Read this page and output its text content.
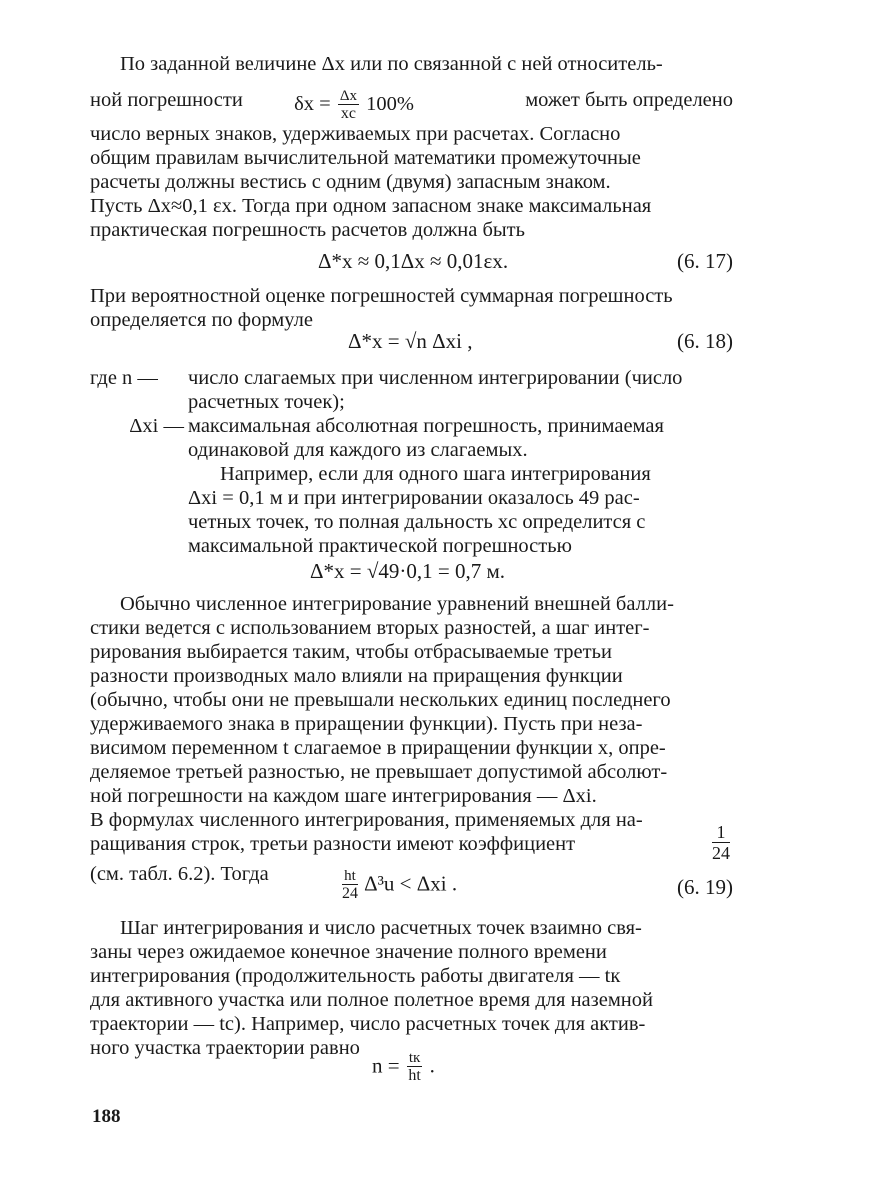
По заданной величине Δx или по связанной с ней относитель-
ной погрешности	$\delta x = \frac{\Delta x}{xc} 100\%$	может быть определено
число верных знаков, удерживаемых при расчетах. Согласно
общим правилам вычислительной математики промежуточные
расчеты должны вестись с одним (двумя) запасным знаком.
Пусть Δx≈0,1 εx. Тогда при одном запасном знаке максимальная
практическая погрешность расчетов должна быть
Δ*x ≈ 0,1Δx ≈ 0,01εx.	(6. 17)
При вероятностной оценке погрешностей суммарная погрешность
определяется по формуле
Δ*x = √n Δxi ,	(6. 18)
где n —	число слагаемых при численном интегрировании (число
расчетных точек);
Δxi — максимальная абсолютная погрешность, принимаемая
одинаковой для каждого из слагаемых.
Например, если для одного шага интегрирования
Δxi = 0,1 м и при интегрировании оказалось 49 рас-
четных точек, то полная дальность xc определится с
максимальной практической погрешностью
Δ*x = √49·0,1 = 0,7 м.
Обычно численное интегрирование уравнений внешней балли-
стики ведется с использованием вторых разностей, а шаг интег-
рирования выбирается таким, чтобы отбрасываемые третьи
разности производных мало влияли на приращения функции
(обычно, чтобы они не превышали нескольких единиц последнего
удерживаемого знака в приращении функции). Пусть при неза-
висимом переменном t слагаемое в приращении функции x, опре-
деляемое третьей разностью, не превышает допустимой абсолют-
ной погрешности на каждом шаге интегрирования — Δxi.
В формулах численного интегрирования, применяемых для на-
ращивания строк, третьи разности имеют коэффициент	$\frac{1}{24}$
(см. табл. 6.2). Тогда	$\frac{ht}{24} \Delta^3u < \Delta xi$ .	(6. 19)
Шаг интегрирования и число расчетных точек взаимно свя-
заны через ожидаемое конечное значение полного времени
интегрирования (продолжительность работы двигателя — tк
для активного участка или полное полетное время для наземной
траектории — tc). Например, число расчетных точек для актив-
ного участка траектории равно
$n = \frac{tк}{ht}$ .
188
